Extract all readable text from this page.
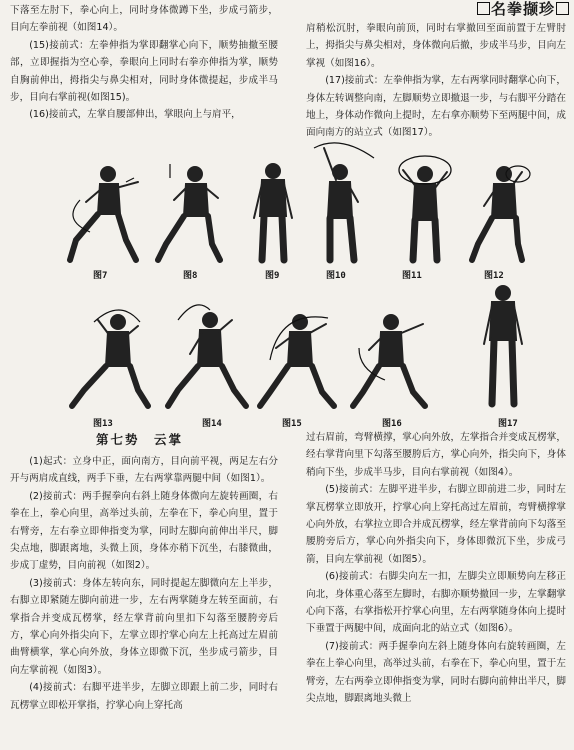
名拳撷珍

下落至左肘下，拳心向上，同时身体微蹲下坐，步成弓箭步，目向左拳前视（如图14）。

(15)接前式：左拳伸指为掌即翻掌心向下，顺势抽撤至腰部，立即握指为空心拳，拳眼向上同时右拳亦伸指为掌，顺势自胸前伸出，拇指尖与鼻尖相对，同时身体微提起，步成半马步，目向右掌前视(如图15)。

(16)接前式，左掌自腰部伸出，掌眼向上与肩平，

肩稍松沉肘，拳眼向前顶，同时右掌撤回至面前置于左臂肘上，拇指尖与鼻尖相对，身体微向后撤，步成半马步，目向左掌视（如图16）。

(17)接前式：左拳伸指为掌，左右两掌同时翻掌心向下，身体左转调整向南，左脚顺势立即撤退一步，与右脚平分踏在地上，身体动作微向上提时，左右拿亦顺势下至两腿中间，成面向南方的站立式（如图17）。

图7	图8	图9	图10	图11	图12
图13	图14	图15	图16	图17
第七势　云掌

(1)起式：立身中正，面向南方，目向前平视，两足左右分开与两肩成直线，两手下垂，左右两掌靠两腿中间（如图1）。

(2)接前式：两手握拳向右斜上随身体微向左旋转画圈，右拳在上，拳心向里，高举过头前，左拳在下，拳心向里，置于右臂旁，左右拳立即伸指变为掌，同时左脚向前伸出半尺，脚尖点地，脚跟离地，头微上顶，身体亦稍下沉坐，右膝微曲，步成丁虚势，目向前视（如图2）。

(3)接前式：身体左转向东，同时提起左脚微向左上半步，右脚立即紧随左脚向前进一步，左右两掌随身左转至面前，右掌指合并变成瓦楞掌，经左掌背前向里扣下勾落至腰胯旁后方，掌心向外指尖向下，左掌立即拧掌心向左上托高过左眉前曲臂横掌，掌心向外放，身体立即微下沉，坐步成弓箭步，目向左掌前视（如图3）。

(4)接前式：右脚平进半步，左脚立即跟上前二步，同时右瓦楞掌立即松开掌指，拧掌心向上穿托高

过右眉前，弯臂横撑，掌心向外放，左掌指合并变成瓦楞掌，经右掌背向里下勾落至腰胯后方，掌心向外，指尖向下，身体稍向下坐，步成半马步，目向右掌前视（如图4）。

(5)接前式：左脚平进半步，右脚立即前进二步，同时左掌瓦楞掌立即放开，拧掌心向上穿托高过左眉前，弯臂横撑掌心向外放，右掌拉立即合并成瓦楞掌，经左掌背前向下勾落至腰胯旁后方，掌心向外指尖向下，身体即微沉下坐，步成弓箭，目向左掌前视（如图5）。

(6)接前式：右脚尖向左一扣，左脚尖立即顺势向左移正向北，身体重心落至左脚时，右脚亦顺势撤回一步，左掌翻掌心向下落，右掌指松开拧掌心向里，左右两掌随身体向上提时下垂置于两腿中间，成面向北的站立式（如图6）。

(7)接前式：两手握拳向左斜上随身体向右旋转画圈，左拳在上拳心向里，高举过头前，右拳在下，拳心向里，置于左臂旁，左右两拳立即伸指变为掌，同时右脚向前伸出半尺，脚尖点地，脚跟离地头微上
